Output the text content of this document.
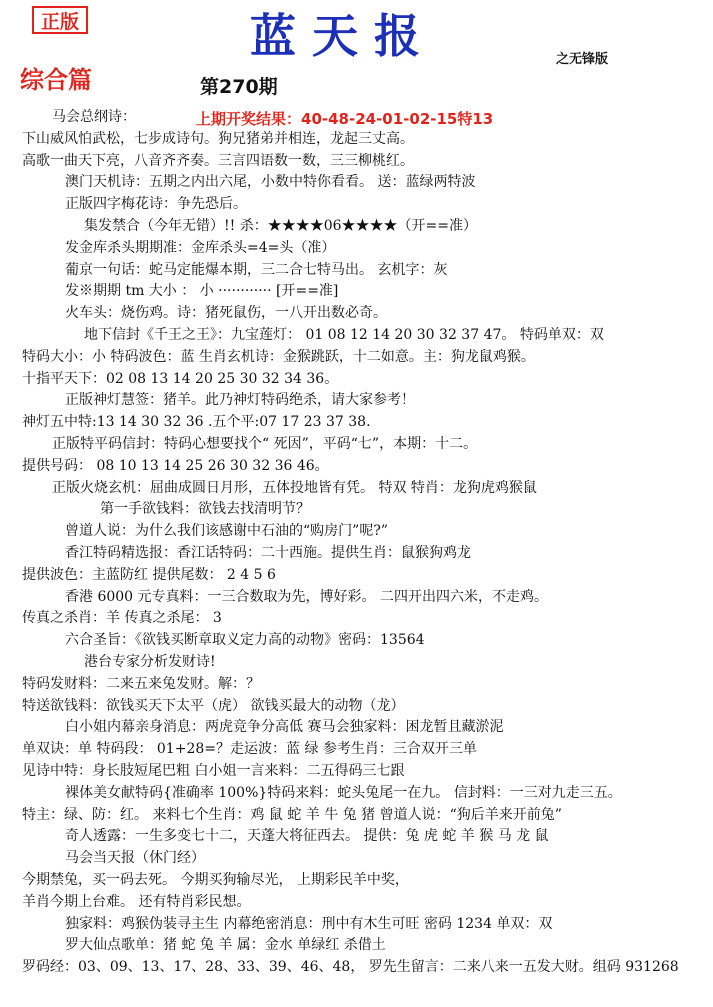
正版	蓝天报	之无锋版
综合篇	第270期
马会总纲诗：
下山威风怕武松，七步成诗句。狗兄猪弟并相连，龙起三丈高。
高歌一曲天下亮，八音齐齐奏。三言四语数一数，三三柳桃红。
澳门天机诗：五期之内出六尾，小数中特你看看。 送：蓝绿两特波
正版四字梅花诗：争先恐后。
集发禁合（今年无错）!! 杀：★★★★06★★★★（开==准）
发金库杀头期期准：金库杀头=4=头（准）
葡京一句话：蛇马定能爆本期，三二合七特马出。 玄机字：灰
发※期期 tm 大小 ： 小 ············ [开==准]
火车头：烧伤鸡。诗：猪死鼠伤，一八开出数必奇。
地下信封《千王之王》：九宝莲灯： 01 08 12 14 20 30 32 37 47。 特码单双：双
特码大小：小 特码波色：蓝 生肖玄机诗：金猴跳跃，十二如意。主：狗龙鼠鸡猴。
十指平天下：02 08 13 14 20 25 30 32 34 36。
正版神灯慧签：猪羊。此乃神灯特码绝杀，请大家参考！
神灯五中特:13 14 30 32 36 .五个平:07 17 23 37 38.
正版特平码信封：特码心想要找个“ 死因”，平码“七”，本期：十二。
提供号码： 08 10 13 14 25 26 30 32 36 46。
正版火烧玄机：屈曲成圆日月形，五体投地皆有凭。 特双 特肖：龙狗虎鸡猴鼠
第一手欲钱料：欲钱去找清明节？
曾道人说：为什么我们该感谢中石油的“购房门”呢?”
香江特码精选报：香江话特码：二十西施。提供生肖：鼠猴狗鸡龙
提供波色：主蓝防红 提供尾数： 2 4 5 6
香港 6000 元专真料：一三合数取为先，博好彩。 二四开出四六米，不走鸡。
传真之杀肖：羊 传真之杀尾： 3
六合圣旨：《欲钱买断章取义定力高的动物》密码：13564
港台专家分析发财诗!
特码发财料：二来五来兔发财。解：？
特送欲钱料：欲钱买天下太平（虎） 欲钱买最大的动物（龙）
白小姐内幕亲身消息：两虎竞争分高低 赛马会独家料：困龙暂且藏淤泥
单双诀：单 特码段： 01+28=？走运波：蓝 绿 参考生肖：三合双开三单
见诗中特：身长肢短尾巴粗 白小姐一言来料：二五得码三七跟
裸体美女献特码{准确率 100%}特码来料：蛇头兔尾一在九。 信封料：一三对九走三五。
特主：绿、防：红。 来料七个生肖：鸡 鼠 蛇 羊 牛 兔 猪 曾道人说：“狗后羊来开前兔”
奇人透露：一生多变七十二，天蓬大将征西去。 提供：兔 虎 蛇 羊 猴 马 龙 鼠
马会当天报（休门经）
今期禁兔，买一码去死。 今期买狗输尽光， 上期彩民羊中奖，
羊肖今期上台难。 还有特肖彩民想。
独家料：鸡猴伪装寻主生 内幕绝密消息：刑中有木生可旺 密码 1234 单双：双
罗大仙点歌单：猪 蛇 兔 羊 属：金水 单绿红 杀借土
罗码经：03、09、13、17、28、33、39、46、48， 罗先生留言：二来八来一五发大财。组码 931268
上期开奖结果：40-48-24-01-02-15特13
